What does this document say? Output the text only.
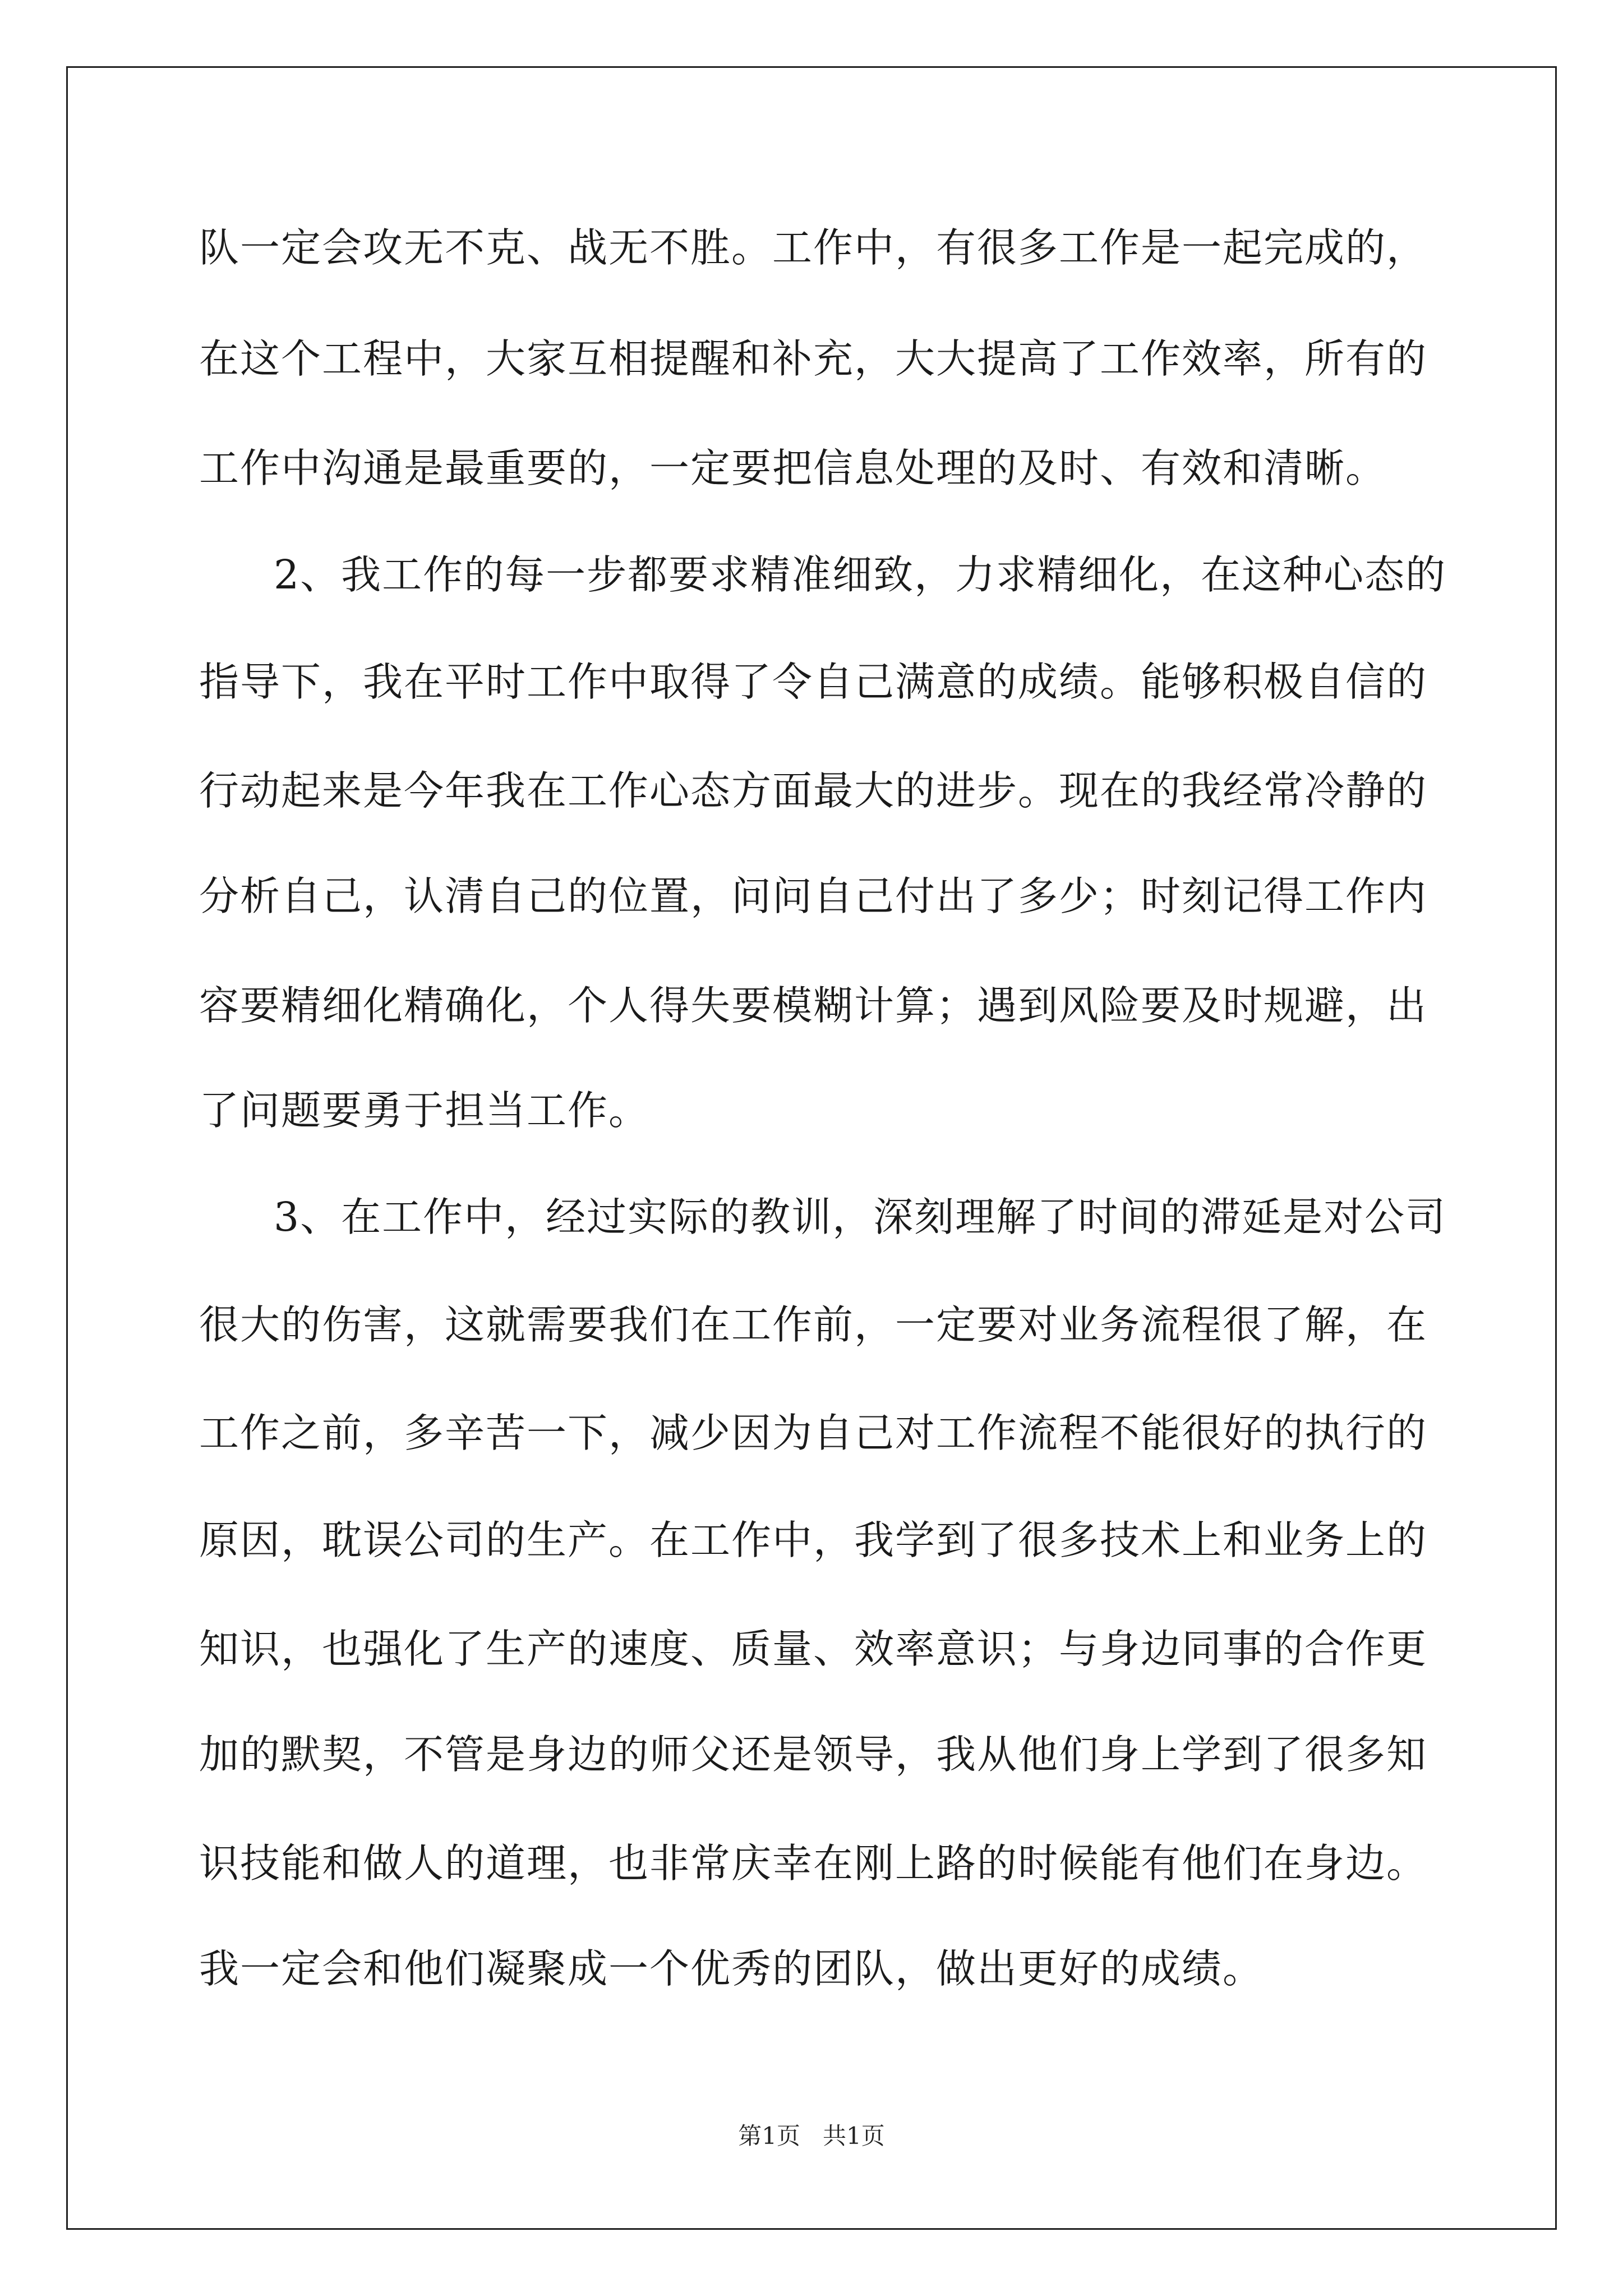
队一定会攻无不克、战无不胜。工作中，有很多工作是一起完成的，
在这个工程中，大家互相提醒和补充，大大提高了工作效率，所有的
工作中沟通是最重要的，一定要把信息处理的及时、有效和清晰。
2、我工作的每一步都要求精准细致，力求精细化，在这种心态的
指导下，我在平时工作中取得了令自己满意的成绩。能够积极自信的
行动起来是今年我在工作心态方面最大的进步。现在的我经常冷静的
分析自己，认清自己的位置，问问自己付出了多少；时刻记得工作内
容要精细化精确化，个人得失要模糊计算；遇到风险要及时规避，出
了问题要勇于担当工作。
3、在工作中，经过实际的教训，深刻理解了时间的滞延是对公司
很大的伤害，这就需要我们在工作前，一定要对业务流程很了解，在
工作之前，多辛苦一下，减少因为自己对工作流程不能很好的执行的
原因，耽误公司的生产。在工作中，我学到了很多技术上和业务上的
知识，也强化了生产的速度、质量、效率意识；与身边同事的合作更
加的默契，不管是身边的师父还是领导，我从他们身上学到了很多知
识技能和做人的道理，也非常庆幸在刚上路的时候能有他们在身边。
我一定会和他们凝聚成一个优秀的团队，做出更好的成绩。
第1页   共1页
